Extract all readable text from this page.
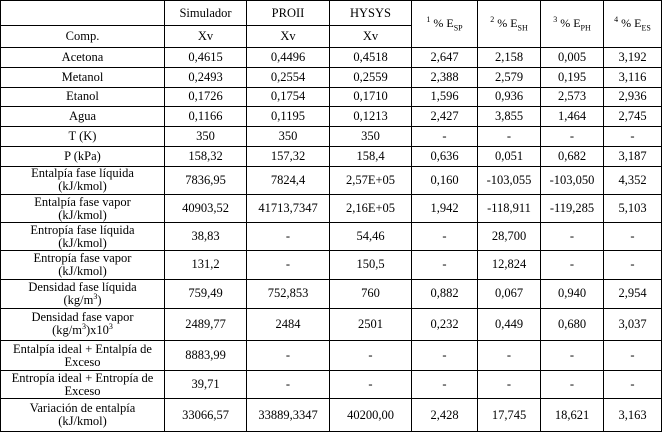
	Simulador	PROII	HYSYS	$^1$ % $E_{SP}$	$^2$ % $E_{SH}$	$^3$ % $E_{PH}$	$^4$ % $E_{ES}$
Comp.	Xv	Xv	Xv				
Acetona	0,4615	0,4496	0,4518	2,647	2,158	0,005	3,192
Metanol	0,2493	0,2554	0,2559	2,388	2,579	0,195	3,116
Etanol	0,1726	0,1754	0,1710	1,596	0,936	2,573	2,936
Agua	0,1166	0,1195	0,1213	2,427	3,855	1,464	2,745
T (K)	350	350	350	-	-	-	-
P (kPa)	158,32	157,32	158,4	0,636	0,051	0,682	3,187
Entalpía fase líquida
(kJ/kmol)	7836,95	7824,4	2,57E+05	0,160	-103,055	-103,050	4,352
Entalpía fase vapor
(kJ/kmol)	40903,52	41713,7347	2,16E+05	1,942	-118,911	-119,285	5,103
Entropía fase líquida
(kJ/kmol)	38,83	-	54,46	-	28,700	-	-
Entropía fase vapor
(kJ/kmol)	131,2	-	150,5	-	12,824	-	-
Densidad fase líquida
$(kg/m^3)$	759,49	752,853	760	0,882	0,067	0,940	2,954
Densidad fase vapor
$(kg/m^3)x10^3$	2489,77	2484	2501	0,232	0,449	0,680	3,037
Entalpía ideal + Entalpía de
Exceso	8883,99	-	-	-	-	-	-
Entropía ideal + Entropía de
Exceso	39,71	-	-	-	-	-	-
Variación de entalpía
(kJ/kmol)	33066,57	33889,3347	40200,00	2,428	17,745	18,621	3,163
